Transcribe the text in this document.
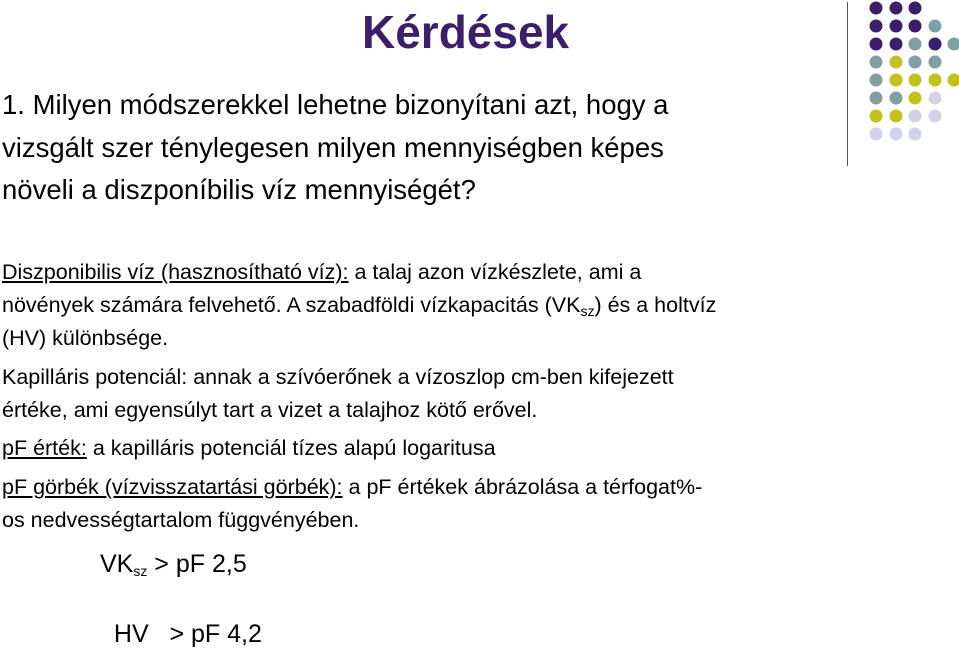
Kérdések
1. Milyen módszerekkel lehetne bizonyítani azt, hogy a
vizsgált szer ténylegesen milyen mennyiségben képes
növeli a diszponíbilis víz mennyiségét?

Diszponibilis víz (hasznosítható víz): a talaj azon vízkészlete, ami a
növények számára felvehető. A szabadföldi vízkapacitás $(VK_{sz})$ és a holtvíz
(HV) különbsége.

Kapilláris potenciál: annak a szívóerőnek a vízoszlop cm-ben kifejezett
értéke, ami egyensúlyt tart a vizet a talajhoz kötő erővel.

pF érték: a kapilláris potenciál tízes alapú logaritusa

pF görbék (vízvisszatartási görbék): a pF értékek ábrázolása a térfogat%-
os nedvességtartalom függvényében.

$VK_{sz}$ > pF 2,5

HV   > pF 4,2
